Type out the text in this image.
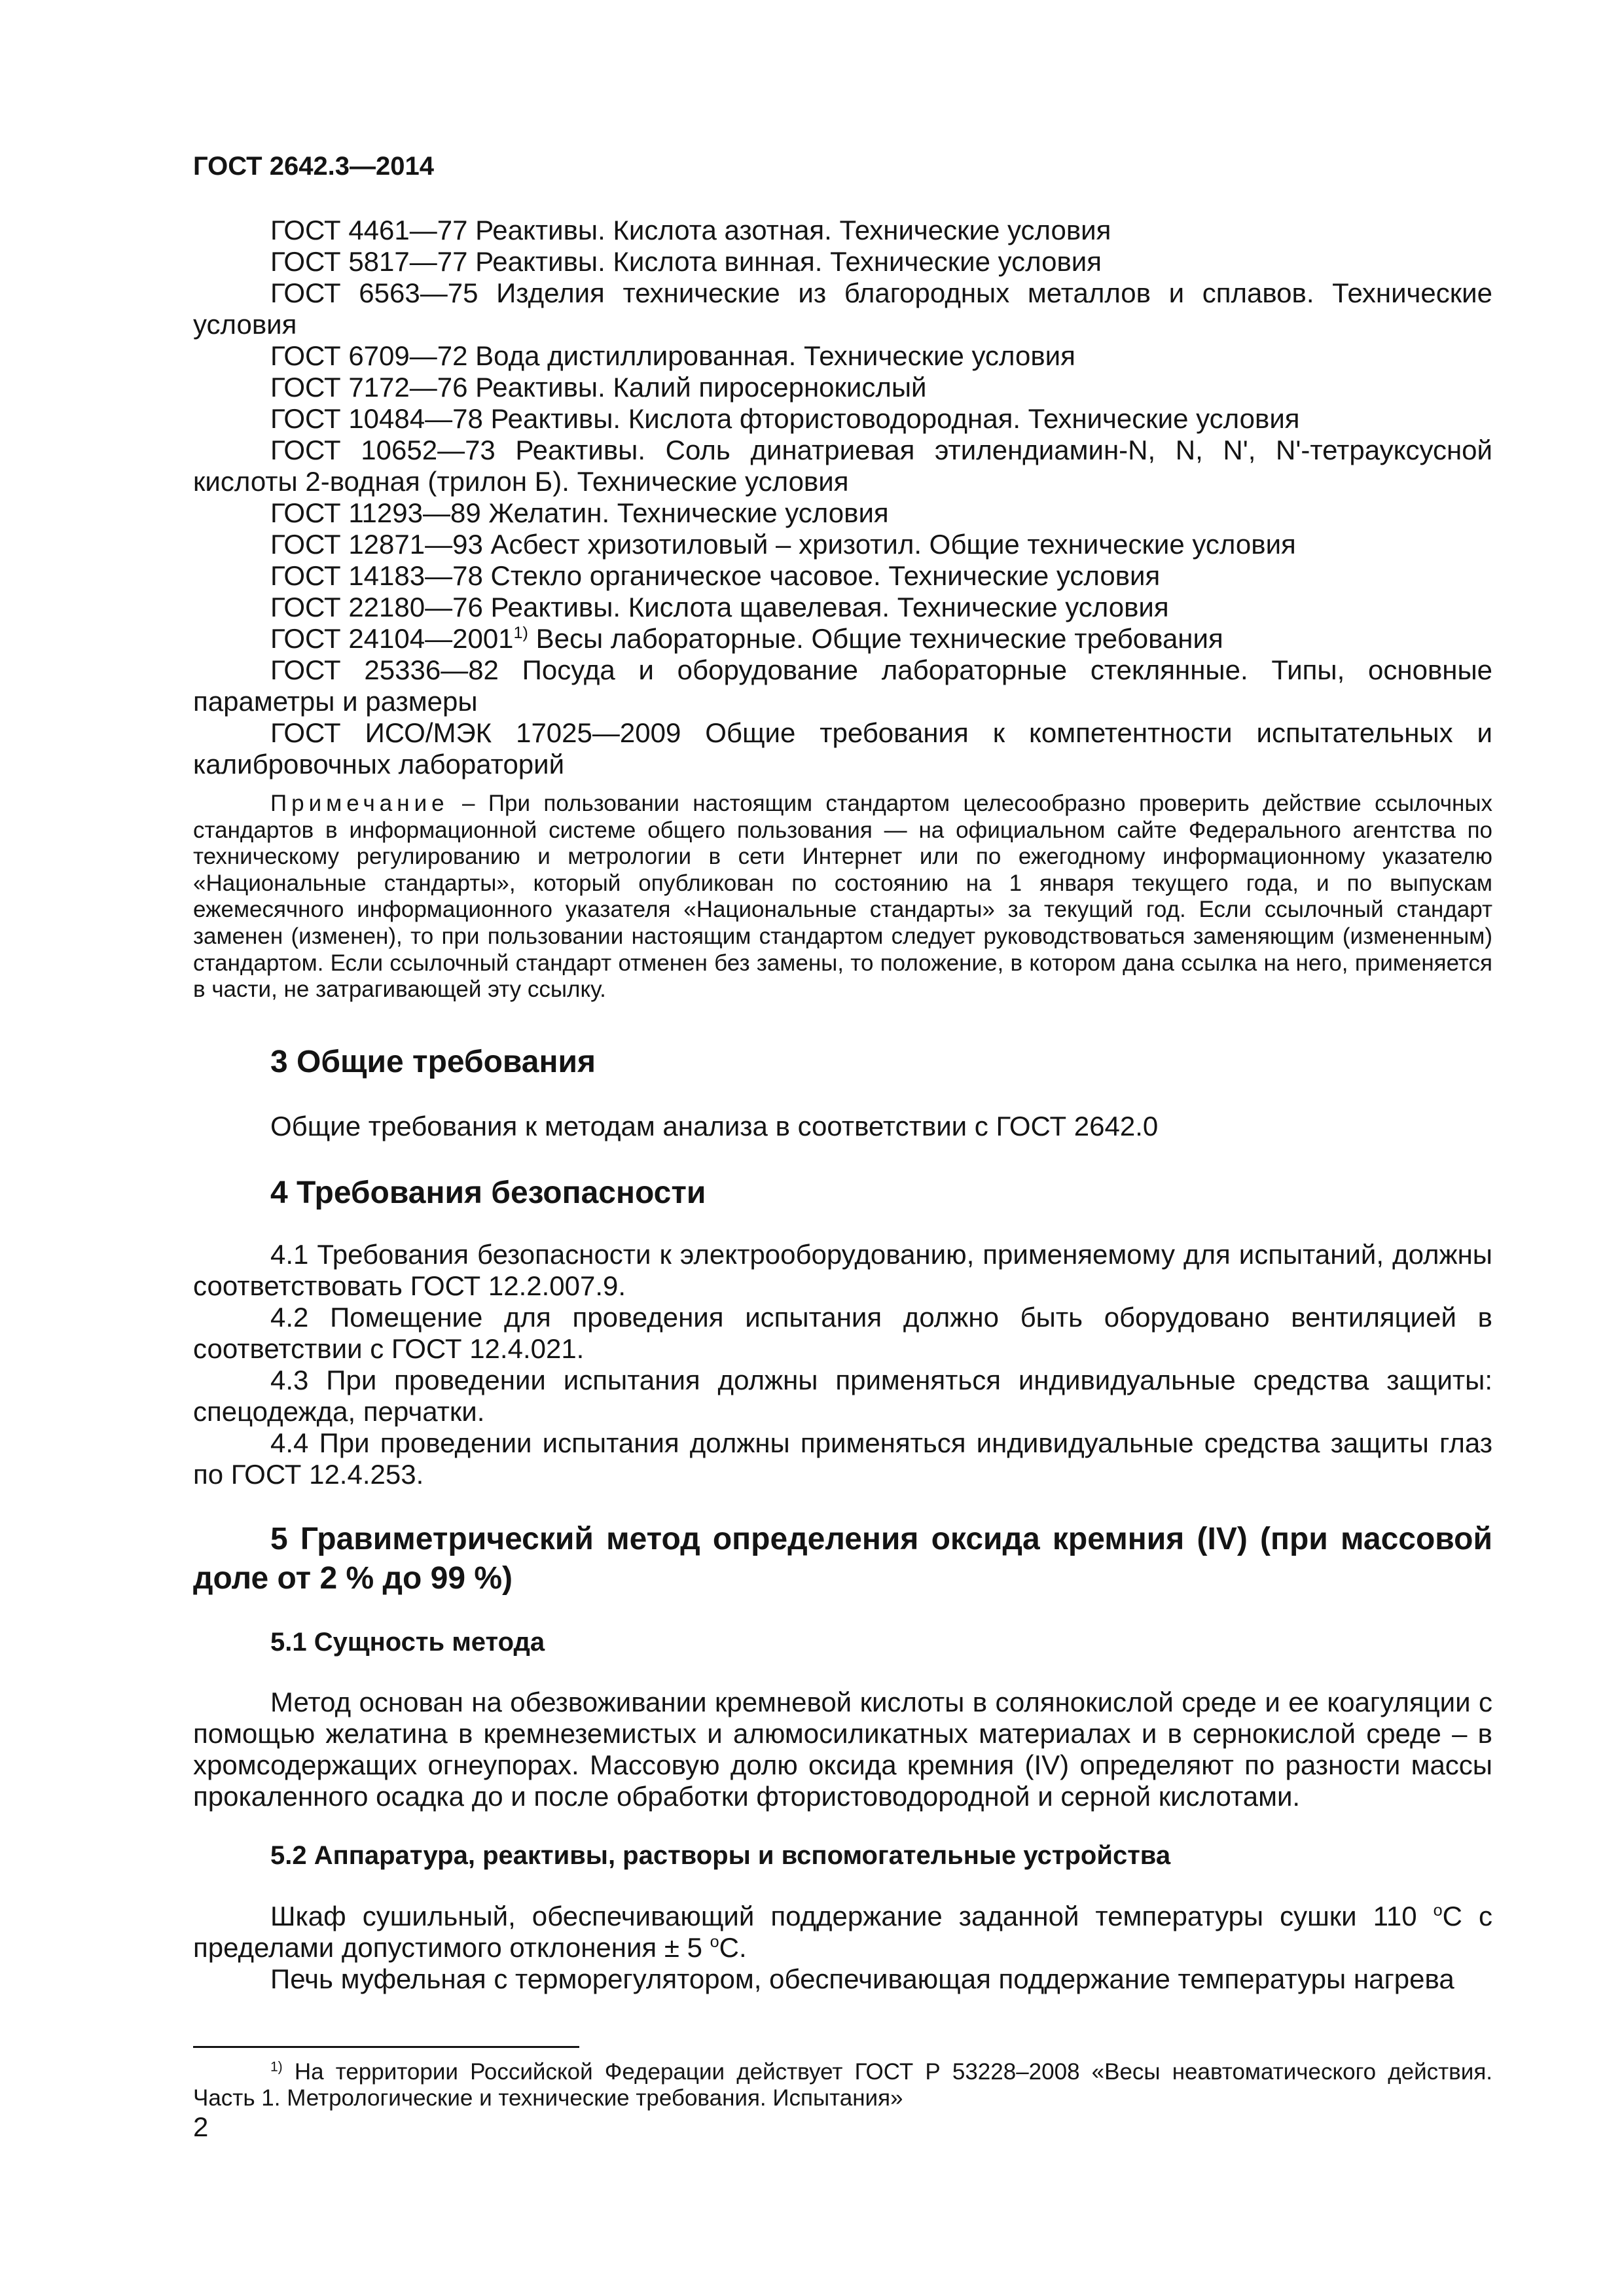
ГОСТ 2642.3—2014

ГОСТ 4461—77 Реактивы. Кислота азотная. Технические условия

ГОСТ 5817—77 Реактивы. Кислота винная. Технические условия

ГОСТ 6563—75 Изделия технические из благородных металлов и сплавов. Технические условия

ГОСТ 6709—72 Вода дистиллированная. Технические условия

ГОСТ 7172—76 Реактивы. Калий пиросернокислый

ГОСТ 10484—78 Реактивы. Кислота фтористоводородная. Технические условия

ГОСТ 10652—73 Реактивы. Соль динатриевая этилендиамин-N, N, N', N'-тетрауксусной кислоты 2-водная (трилон Б). Технические условия

ГОСТ 11293—89 Желатин. Технические условия

ГОСТ 12871—93 Асбест хризотиловый – хризотил. Общие технические условия

ГОСТ 14183—78 Стекло органическое часовое. Технические условия

ГОСТ 22180—76 Реактивы. Кислота щавелевая. Технические условия

ГОСТ 24104—2001$^{1)}$ Весы лабораторные. Общие технические требования

ГОСТ 25336—82 Посуда и оборудование лабораторные стеклянные. Типы, основные параметры и размеры

ГОСТ ИСО/МЭК 17025—2009 Общие требования к компетентности испытательных и калибровочных лабораторий

Примечание – При пользовании настоящим стандартом целесообразно проверить действие ссылочных стандартов в информационной системе общего пользования — на официальном сайте Федерального агентства по техническому регулированию и метрологии в сети Интернет или по ежегодному информационному указателю «Национальные стандарты», который опубликован по состоянию на 1 января текущего года, и по выпускам ежемесячного информационного указателя «Национальные стандарты» за текущий год. Если ссылочный стандарт заменен (изменен), то при пользовании настоящим стандартом следует руководствоваться заменяющим (измененным) стандартом. Если ссылочный стандарт отменен без замены, то положение, в котором дана ссылка на него, применяется в части, не затрагивающей эту ссылку.

3 Общие требования

Общие требования к методам анализа в соответствии с ГОСТ 2642.0

4 Требования безопасности

4.1 Требования безопасности к электрооборудованию, применяемому для испытаний, должны соответствовать ГОСТ 12.2.007.9.

4.2 Помещение для проведения испытания должно быть оборудовано вентиляцией в соответствии с ГОСТ 12.4.021.

4.3 При проведении испытания должны применяться индивидуальные средства защиты: спецодежда, перчатки.

4.4 При проведении испытания должны применяться индивидуальные средства защиты глаз по ГОСТ 12.4.253.

5 Гравиметрический метод определения оксида кремния (IV) (при массовой доле от 2 % до 99 %)
5.1 Сущность метода

Метод основан на обезвоживании кремневой кислоты в солянокислой среде и ее коагуляции с помощью желатина в кремнеземистых и алюмосиликатных материалах и в сернокислой среде – в хромсодержащих огнеупорах. Массовую долю оксида кремния (IV) определяют по разности массы прокаленного осадка до и после обработки фтористоводородной и серной кислотами.

5.2 Аппаратура, реактивы, растворы и вспомогательные устройства

Шкаф сушильный, обеспечивающий поддержание заданной температуры сушки 110 $^о$С с пределами допустимого отклонения ± 5 $^о$С.

Печь муфельная с терморегулятором, обеспечивающая поддержание температуры нагрева

$^{1)}$ На территории Российской Федерации действует ГОСТ Р 53228–2008 «Весы неавтоматического действия. Часть 1. Метрологические и технические требования. Испытания»

2
